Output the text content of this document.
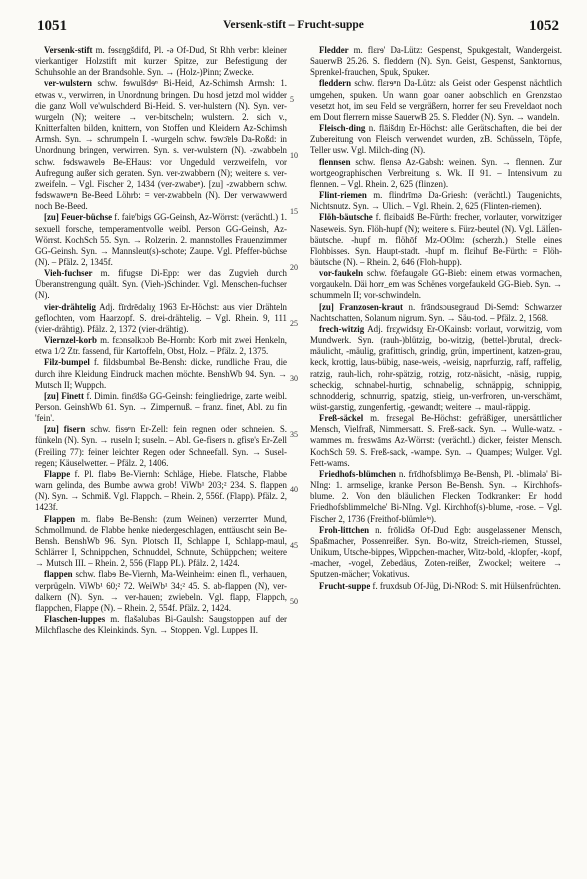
1051	Versenk-stift – Frucht-suppe	1052
5
10
15
20
25
30
35
40
45
50

Versenk-stift m. fɘsɛŋgšdifd, Pl. -ə Of-Dud, St Rhh verbr: kleiner vierkantiger Holzstift mit kurzer Spitze, zur Befestigung der Schuhsohle an der Brandsohle. Syn. → (Holz-)Pinn; Zwecke.

ver-wulstern schw. fɘwulšdɘⁿ Bi-Heid, Az-Schimsh Armsh: 1. etwas v., verwirren, in Unordnung bringen. Du hosd jetzd mol widder die ganz Woll ve'wulschderd Bi-Heid. S. ver-hulstern (N). Syn. ver-wurgeln (N); weitere → ver-bitscheln; wulstern. 2. sich v., Knitterfalten bilden, knittern, von Stoffen und Kleidern Az-Schimsh Armsh. Syn. → schrumpeln I. -wurgeln schw. fɘwɔ̄ɐlɘ Da-Roßd: in Unordnung bringen, verwirren. Syn. s. ver-wulstern (N). -zwabbeln schw. fɘdswawɐlɘ Be-EHaus: vor Ungeduld verzweifeln, vor Aufregung außer sich geraten. Syn. ver-zwabbern (N); weitere s. ver-zweifeln. – Vgl. Fischer 2, 1434 (ver-zwabeⁿ). [zu] -zwabbern schw. fɘdswawɐⁿn Be-Beed Löhrb: = ver-zwabbeln (N). Der verwawwerd noch Be-Beed.

[zu] Feuer-büchse f. faiɐ'bigs GG-Geinsh, Az-Wörrst: (verächtl.) 1. sexuell forsche, temperamentvolle weibl. Person GG-Geinsh, Az-Wörrst. KochSch 55. Syn. → Rolzerin. 2. mannstolles Frauenzimmer GG-Geinsh. Syn. → Mannsleut(s)-schote; Zaupe. Vgl. Pfeffer-büchse (N). – Pfälz. 2, 1345f.

Vieh-fuchser m. fifugsɐ Di-Epp: wer das Zugvieh durch Überanstrengung quält. Syn. (Vieh-)Schinder. Vgl. Menschen-fuchser (N).

vier-drähtelig Adj. fīrdrēdəlɪχ 1963 Er-Höchst: aus vier Drähteln geflochten, vom Haarzopf. S. drei-drähtelig. – Vgl. Rhein. 9, 111 (vier-drähtig). Pfälz. 2, 1372 (vier-drähtig).

Viernzel-korb m. fɛɔnsəlkɔɔb Be-Hornb: Korb mit zwei Henkeln, etwa 1/2 Ztr. fassend, für Kartoffeln, Obst, Holz. – Pfälz. 2, 1375.

Filz-bumpel f. fildsbumbəl Be-Bensh: dicke, rundliche Frau, die durch ihre Kleidung Eindruck machen möchte. BenshWb 94. Syn. → Mutsch II; Wuppch.

[zu] Finett f. Dimin. finɛ̄dšə GG-Geinsh: feingliedrige, zarte weibl. Person. GeinshWb 61. Syn. → Zimpernuß. – franz. finet, Abl. zu fin 'fein'.

[zu] fisern schw. fisɘⁿn Er-Zell: fein regnen oder schneien. S. fünkeln (N). Syn. → ruseln I; suseln. – Abl. Ge-fisers n. gfisɐ's Er-Zell (Freiling 77): feiner leichter Regen oder Schneefall. Syn. → Susel-regen; Käuselwetter. – Pfälz. 2, 1406.

Flappe f. Pl. flabɘ Be-Viernh: Schläge, Hiebe. Flatsche, Flabbe warn gelinda, des Bumbe awwa grob! ViWb¹ 203;² 234. S. flappen (N). Syn. → Schmiß. Vgl. Flappch. – Rhein. 2, 556f. (Flapp). Pfälz. 2, 1423f.

Flappen m. flabɘ Be-Bensh: (zum Weinen) verzerrter Mund, Schmollmund. de Flabbe henke niedergeschlagen, enttäuscht sein Be-Bensh. BenshWb 96. Syn. Plotsch II, Schlappe I, Schlapp-maul, Schlärrer I, Schnippchen, Schnuddel, Schnute, Schüppchen; weitere → Mutsch III. – Rhein. 2, 556 (Flapp PL). Pfälz. 2, 1424.

flappen schw. flabɘ Be-Viernh, Ma-Weinheim: einen fl., verhauen, verprügeln. ViWb¹ 60;² 72. WeiWb¹ 34;² 45. S. ab-flappen (N), ver-dalkern (N). Syn. → ver-hauen; zwiebeln. Vgl. flapp, Flappch, flappchen, Flappe (N). – Rhein. 2, 554f. Pfälz. 2, 1424.

Flaschen-luppes m. flašəlubəs Bi-Gaulsh: Saugstoppen auf der Milchflasche des Kleinkinds. Syn. → Stoppen. Vgl. Luppes II.

Fledder m. flɛrɘ' Da-Lütz: Gespenst, Spukgestalt, Wandergeist. SauerwB 25.26. S. fleddern (N). Syn. Geist, Gespenst, Sanktornus, Sprenkel-frauchen, Spuk, Spuker.

fleddern schw. flɛrɘⁿn Da-Lütz: als Geist oder Gespenst nächtlich umgehen, spuken. Un wann goar oaner aobschlich en Grenzstao vesetzt hot, im seu Feld se vergräßern, horrer fer seu Freveldaot noch em Dout flerrern misse SauerwB 25. S. Fledder (N). Syn. → wandeln.

Fleisch-ding n. flāišdɪŋ Er-Höchst: alle Gerätschaften, die bei der Zubereitung von Fleisch verwendet wurden, zB. Schüsseln, Töpfe, Teller usw. Vgl. Milch-ding (N).

flennsen schw. flensə Az-Gabsh: weinen. Syn. → flennen. Zur wortgeographischen Verbreitung s. Wk. II 91. – Intensivum zu flennen. – Vgl. Rhein. 2, 625 (flinzen).

Flint-riemen m. flindrīmə Da-Griesh: (verächtl.) Taugenichts, Nichtsnutz. Syn. → Ulich. – Vgl. Rhein. 2, 625 (Flinten-riemen).

Flöh-bäutsche f. flɛibaidš Be-Fürth: frecher, vorlauter, vorwitziger Naseweis. Syn. Flöh-hupf (N); weitere s. Fürz-beutel (N). Vgl. Lälĺen-bäutsche. -hupf m. flöhōf Mz-OOlm: (scherzh.) Stelle eines Flohbisses. Syn. Haupt-stadt. -hupf m. flɛihuf Be-Fürth: = Flöh-bäutsche (N). – Rhein. 2, 646 (Floh-hupp).

vor-faukeln schw. fōɐfaugəlɐ GG-Bieb: einem etwas vormachen, vorgaukeln. Däi horr_em was Schënes vorgefaukeld GG-Bieb. Syn. → schummeln II; vor-schwindeln.

[zu] Franzosen-kraut n. frāndsɔusɐgraud Di-Semd: Schwarzer Nachtschatten, Solanum nigrum. Syn. → Säu-tod. – Pfälz. 2, 1568.

frech-witzig Adj. frɛχwidsɪχ Er-OKainsb: vorlaut, vorwitzig, vom Mundwerk. Syn. (rauh-)blützig, bo-witzig, (bettel-)brutal, dreck-mäulicht, -mäulig, grafittisch, grindig, grün, impertinent, katzen-grau, keck, krottig, laus-bübig, nase-weis, -weisig, naprfurzig, raff, raffelig, ratzig, rauh-lich, rohr-spätzig, rotzig, rotz-näsicht, -näsig, ruppig, scheckig, schnabel-hurtig, schnabelig, schnäppig, schnippig, schnodderig, schnurrig, spatzig, stieig, un-verfroren, un-verschämt, wüst-garstig, zungenfertig, -gewandt; weitere → maul-räppig.

Freß-säckel m. frɛsegəl Be-Höchst: gefräßiger, unersättlicher Mensch, Vielfraß, Nimmersatt. S. Freß-sack. Syn. → Wulle-watz. -wammes m. frɛswāms Az-Wörrst: (verächtl.) dicker, feister Mensch. KochSch 59. S. Freß-sack, -wampe. Syn. → Quampes; Wulger. Vgl. Fett-wams.

Friedhofs-blümchen n. frīdhofsblimχə Be-Bensh, Pl. -blimələ' Bi-NIng: 1. armselige, kranke Person Be-Bensh. Syn. → Kirchhofs-blume. 2. Von den bläulichen Flecken Todkranker: Er hodd Friedhofsblimmelche' Bi-NIng. Vgl. Kirchhof(s)-blume, -rose. – Vgl. Fischer 2, 1736 (Freithof-blümleⁱⁿ).

Froh-littchen n. frōlidšə Of-Dud Egb: ausgelassener Mensch, Spaßmacher, Possenreißer. Syn. Bo-witz, Streich-riemen, Stussel, Unikum, Utsche-bippes, Wippchen-macher, Witz-bold, -klopfer, -kopf, -macher, -vogel, Zebedäus, Zoten-reißer, Zwockel; weitere → Sputzen-mächer; Vokativus.

Frucht-suppe f. fruxdsub Of-Jüg, Di-NRod: S. mit Hülsenfrüchten.
